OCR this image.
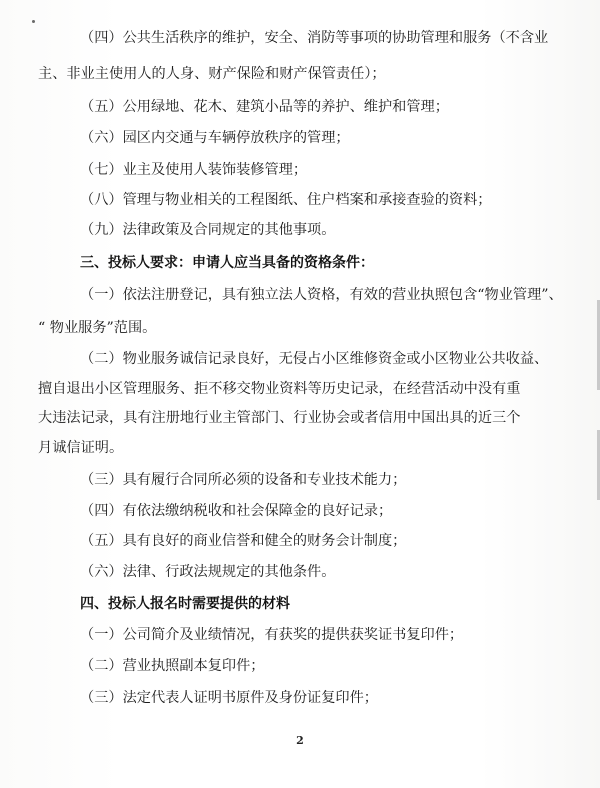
（四）公共生活秩序的维护，安全、消防等事项的协助管理和服务（不含业
主、非业主使用人的人身、财产保险和财产保管责任）；
（五）公用绿地、花木、建筑小品等的养护、维护和管理；
（六）园区内交通与车辆停放秩序的管理；
（七）业主及使用人装饰装修管理；
（八）管理与物业相关的工程图纸、住户档案和承接查验的资料；
（九）法律政策及合同规定的其他事项。
三、投标人要求：申请人应当具备的资格条件：
（一）依法注册登记，具有独立法人资格，有效的营业执照包含“物业管理”、
“ 物业服务”范围。
（二）物业服务诚信记录良好，无侵占小区维修资金或小区物业公共收益、
擅自退出小区管理服务、拒不移交物业资料等历史记录，在经营活动中没有重
大违法记录，具有注册地行业主管部门、行业协会或者信用中国出具的近三个
月诚信证明。
（三）具有履行合同所必须的设备和专业技术能力；
（四）有依法缴纳税收和社会保障金的良好记录；
（五）具有良好的商业信誉和健全的财务会计制度；
（六）法律、行政法规规定的其他条件。
四、投标人报名时需要提供的材料
（一）公司简介及业绩情况，有获奖的提供获奖证书复印件；
（二）营业执照副本复印件；
（三）法定代表人证明书原件及身份证复印件；
2
